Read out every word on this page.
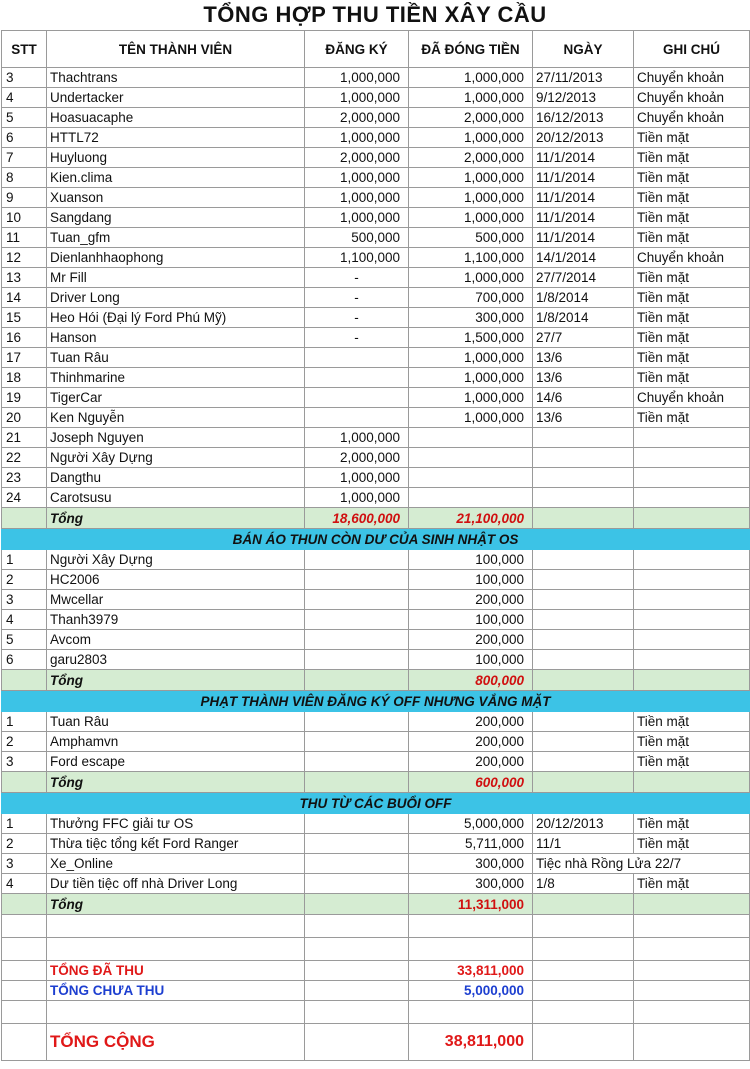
TỔNG HỢP THU TIỀN XÂY CẦU
STT	TÊN THÀNH VIÊN	ĐĂNG KÝ	ĐÃ ĐÓNG TIỀN	NGÀY	GHI CHÚ
3	Thachtrans	1,000,000	1,000,000	27/11/2013	Chuyển khoản
4	Undertacker	1,000,000	1,000,000	9/12/2013	Chuyển khoản
5	Hoasuacaphe	2,000,000	2,000,000	16/12/2013	Chuyển khoản
6	HTTL72	1,000,000	1,000,000	20/12/2013	Tiền mặt
7	Huyluong	2,000,000	2,000,000	11/1/2014	Tiền mặt
8	Kien.clima	1,000,000	1,000,000	11/1/2014	Tiền mặt
9	Xuanson	1,000,000	1,000,000	11/1/2014	Tiền mặt
10	Sangdang	1,000,000	1,000,000	11/1/2014	Tiền mặt
11	Tuan_gfm	500,000	500,000	11/1/2014	Tiền mặt
12	Dienlanhhaophong	1,100,000	1,100,000	14/1/2014	Chuyển khoản
13	Mr Fill	-	1,000,000	27/7/2014	Tiền mặt
14	Driver Long	-	700,000	1/8/2014	Tiền mặt
15	Heo Hói (Đại lý Ford Phú Mỹ)	-	300,000	1/8/2014	Tiền mặt
16	Hanson	-	1,500,000	27/7	Tiền mặt
17	Tuan Râu		1,000,000	13/6	Tiền mặt
18	Thinhmarine		1,000,000	13/6	Tiền mặt
19	TigerCar		1,000,000	14/6	Chuyển khoản
20	Ken Nguyễn		1,000,000	13/6	Tiền mặt
21	Joseph Nguyen	1,000,000			
22	Người Xây Dựng	2,000,000			
23	Dangthu	1,000,000			
24	Carotsusu	1,000,000			
	Tổng	18,600,000	21,100,000		
BÁN ÁO THUN CÒN DƯ CỦA SINH NHẬT OS					
1	Người Xây Dựng		100,000		
2	HC2006		100,000		
3	Mwcellar		200,000		
4	Thanh3979		100,000		
5	Avcom		200,000		
6	garu2803		100,000		
	Tổng		800,000		
PHẠT THÀNH VIÊN ĐĂNG KÝ OFF NHƯNG VẮNG MẶT					
1	Tuan Râu		200,000		Tiền mặt
2	Amphamvn		200,000		Tiền mặt
3	Ford escape		200,000		Tiền mặt
	Tổng		600,000		
THU TỪ CÁC BUỔI OFF					
1	Thưởng FFC giải tư OS		5,000,000	20/12/2013	Tiền mặt
2	Thừa tiệc tổng kết Ford Ranger		5,711,000	11/1	Tiền mặt
3	Xe_Online		300,000	Tiệc nhà Rồng Lửa 22/7	
4	Dư tiền tiệc off nhà Driver Long		300,000	1/8	Tiền mặt
	Tổng		11,311,000		

	TỔNG ĐÃ THU		33,811,000		
	TỔNG CHƯA THU		5,000,000		

	TỔNG CỘNG		38,811,000		
